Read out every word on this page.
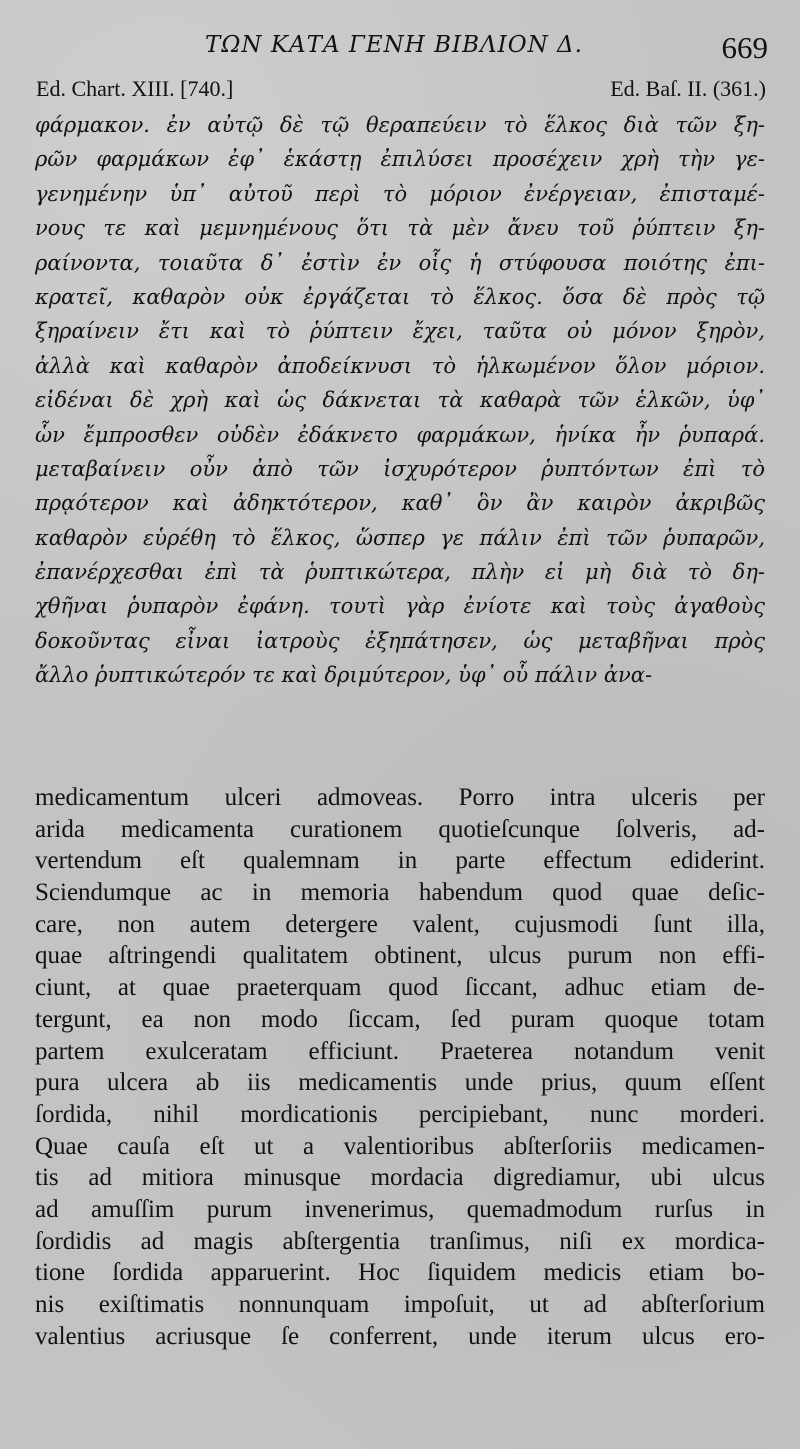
ΤΩΝ ΚΑΤΑ ΓΕΝΗ ΒΙΒΛΙΟΝ Δ.	669
Ed. Chart. XIII. [740.]	Ed. Baſ. II. (361.)
φάρμακον. ἐν αὐτῷ δὲ τῷ θεραπεύειν τὸ ἕλκος διὰ τῶν ξη-
ρῶν φαρμάκων ἐφ᾽ ἑκάστῃ ἐπιλύσει προσέχειν χρὴ τὴν γε-
γενημένην ὑπ᾽ αὐτοῦ περὶ τὸ μόριον ἐνέργειαν, ἐπισταμέ-
νους τε καὶ μεμνημένους ὅτι τὰ μὲν ἄνευ τοῦ ῥύπτειν ξη-
ραίνοντα, τοιαῦτα δ᾽ ἐστὶν ἐν οἷς ἡ στύφουσα ποιότης ἐπι-
κρατεῖ, καθαρὸν οὐκ ἐργάζεται τὸ ἕλκος. ὅσα δὲ πρὸς τῷ
ξηραίνειν ἔτι καὶ τὸ ῥύπτειν ἔχει, ταῦτα οὐ μόνον ξηρὸν,
ἀλλὰ καὶ καθαρὸν ἀποδείκνυσι τὸ ἡλκωμένον ὅλον μόριον.
εἰδέναι δὲ χρὴ καὶ ὡς δάκνεται τὰ καθαρὰ τῶν ἑλκῶν, ὑφ᾽
ὧν ἔμπροσθεν οὐδὲν ἐδάκνετο φαρμάκων, ἡνίκα ἦν ῥυπαρά.
μεταβαίνειν οὖν ἀπὸ τῶν ἰσχυρότερον ῥυπτόντων ἐπὶ τὸ
πρᾳότερον καὶ ἀδηκτότερον, καθ᾽ ὃν ἂν καιρὸν ἀκριβῶς
καθαρὸν εὑρέθη τὸ ἕλκος, ὥσπερ γε πάλιν ἐπὶ τῶν ῥυπαρῶν,
ἐπανέρχεσθαι ἐπὶ τὰ ῥυπτικώτερα, πλὴν εἰ μὴ διὰ τὸ δη-
χθῆναι ῥυπαρὸν ἐφάνη. τουτὶ γὰρ ἐνίοτε καὶ τοὺς ἀγαθοὺς
δοκοῦντας εἶναι ἰατροὺς ἐξηπάτησεν, ὡς μεταβῆναι πρὸς
ἄλλο ῥυπτικώτερόν τε καὶ δριμύτερον, ὑφ᾽ οὗ πάλιν ἀνα-
medicamentum ulceri admoveas. Porro intra ulceris per
arida medicamenta curationem quotieſcunque ſolveris, ad-
vertendum eſt qualemnam in parte effectum ediderint.
Sciendumque ac in memoria habendum quod quae deſic-
care, non autem detergere valent, cujusmodi ſunt illa,
quae aſtringendi qualitatem obtinent, ulcus purum non effi-
ciunt, at quae praeterquam quod ſiccant, adhuc etiam de-
tergunt, ea non modo ſiccam, ſed puram quoque totam
partem exulceratam efficiunt. Praeterea notandum venit
pura ulcera ab iis medicamentis unde prius, quum eſſent
ſordida, nihil mordicationis percipiebant, nunc morderi.
Quae cauſa eſt ut a valentioribus abſterſoriis medicamen-
tis ad mitiora minusque mordacia digrediamur, ubi ulcus
ad amuſſim purum invenerimus, quemadmodum rurſus in
ſordidis ad magis abſtergentia tranſimus, niſi ex mordica-
tione ſordida apparuerint. Hoc ſiquidem medicis etiam bo-
nis exiſtimatis nonnunquam impoſuit, ut ad abſterſorium
valentius acriusque ſe conferrent, unde iterum ulcus ero-
